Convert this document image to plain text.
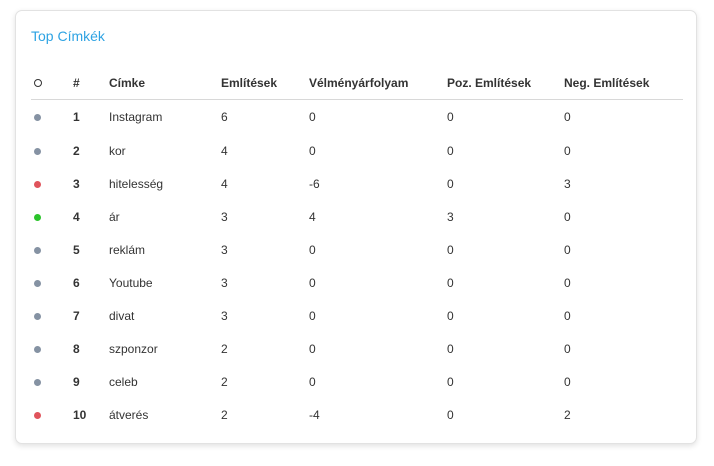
Top Címkék
	#	Címke	Említések	Vélményárfolyam	Poz. Említések	Neg. Említések
	1	Instagram	6	0	0	0
	2	kor	4	0	0	0
	3	hitelesség	4	-6	0	3
	4	ár	3	4	3	0
	5	reklám	3	0	0	0
	6	Youtube	3	0	0	0
	7	divat	3	0	0	0
	8	szponzor	2	0	0	0
	9	celeb	2	0	0	0
	10	átverés	2	-4	0	2
